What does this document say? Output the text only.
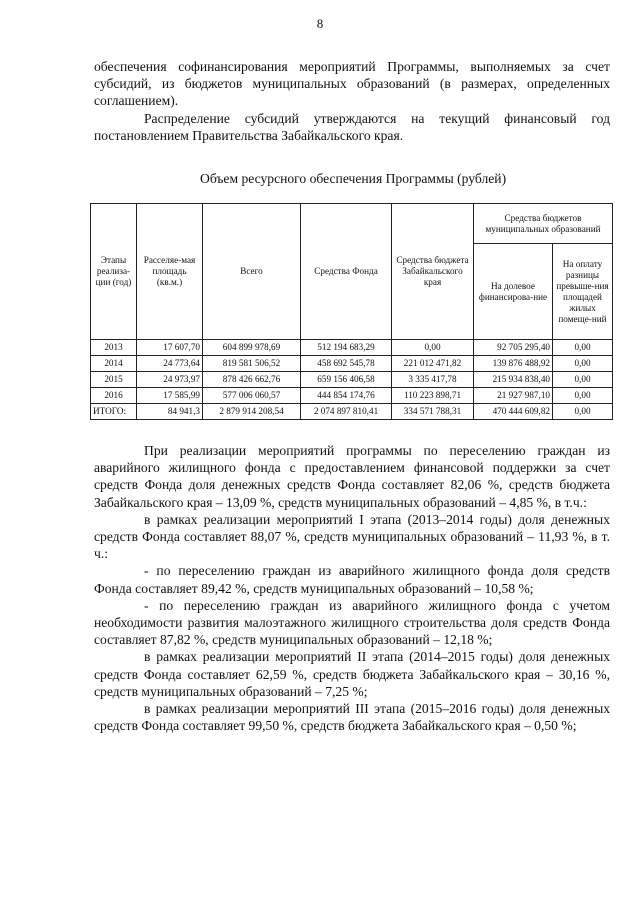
8
обеспечения софинансирования мероприятий Программы, выполняемых за счет субсидий, из бюджетов муниципальных образований (в размерах, определенных соглашением).
Распределение субсидий утверждаются на текущий финансовый год постановлением Правительства Забайкальского края.
Объем ресурсного обеспечения Программы (рублей)
Этапы реализа-ции (год)	Расселяе-мая площадь (кв.м.)	Всего	Средства Фонда	Средства бюджета Забайкальского края	Средства бюджетов муниципальных образований	
					На долевое финансирова-ние	На оплату разницы превыше-ния площадей жилых помеще-ний
2013	17 607,70	604 899 978,69	512 194 683,29	0,00	92 705 295,40	0,00
2014	24 773,64	819 581 506,52	458 692 545,78	221 012 471,82	139 876 488,92	0,00
2015	24 973,97	878 426 662,76	659 156 406,58	3 335 417,78	215 934 838,40	0,00
2016	17 585,99	577 006 060,57	444 854 174,76	110 223 898,71	21 927 987,10	0,00
ИТОГО:	84 941,3	2 879 914 208,54	2 074 897 810,41	334 571 788,31	470 444 609,82	0,00
При реализации мероприятий программы по переселению граждан из аварийного жилищного фонда с предоставлением финансовой поддержки за счет средств Фонда доля денежных средств Фонда составляет 82,06 %, средств бюджета Забайкальского края – 13,09 %, средств муниципальных образований – 4,85 %, в т.ч.:
в рамках реализации мероприятий I этапа (2013–2014 годы) доля денежных средств Фонда составляет 88,07 %, средств муниципальных образований – 11,93 %, в т. ч.:
- по переселению граждан из аварийного жилищного фонда доля средств Фонда составляет 89,42 %, средств муниципальных образований – 10,58 %;
- по переселению граждан из аварийного жилищного фонда с учетом необходимости развития малоэтажного жилищного строительства доля средств Фонда составляет 87,82 %, средств муниципальных образований – 12,18 %;
в рамках реализации мероприятий II этапа (2014–2015 годы) доля денежных средств Фонда составляет 62,59 %, средств бюджета Забайкальского края – 30,16 %, средств муниципальных образований – 7,25 %;
в рамках реализации мероприятий III этапа (2015–2016 годы) доля денежных средств Фонда составляет 99,50 %, средств бюджета Забайкальского края – 0,50 %;
